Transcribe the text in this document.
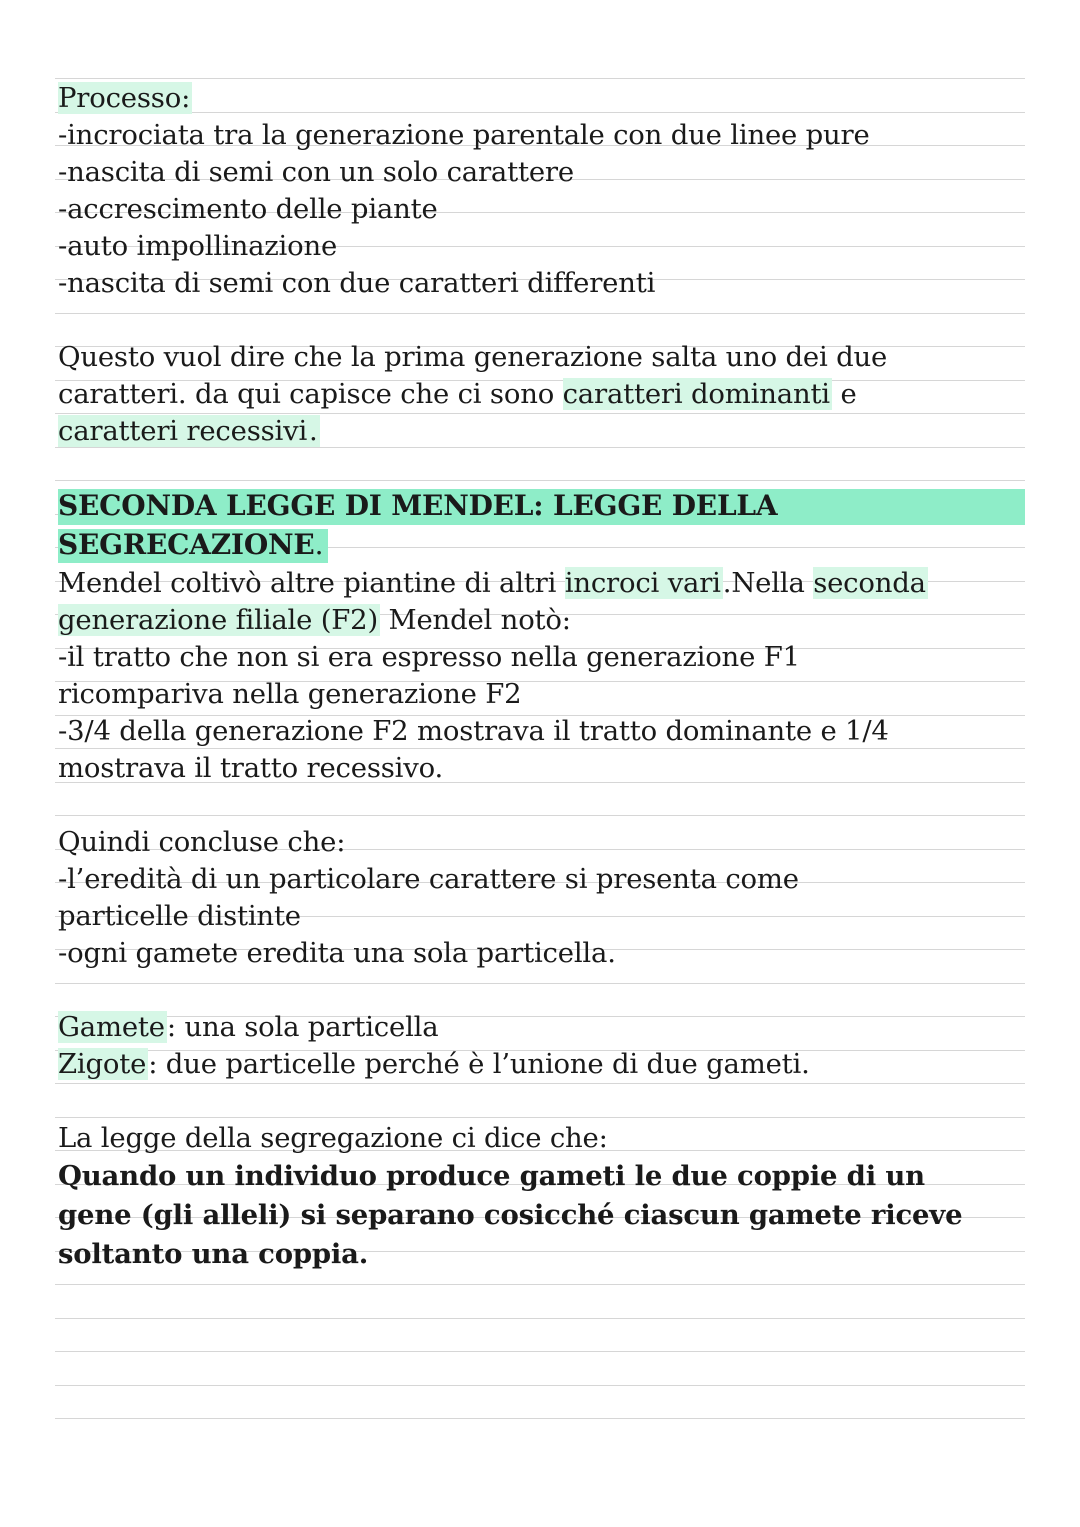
Processo:
-incrociata tra la generazione parentale con due linee pure
-nascita di semi con un solo carattere
-accrescimento delle piante
-auto impollinazione
-nascita di semi con due caratteri differenti
Questo vuol dire che la prima generazione salta uno dei due
caratteri. da qui capisce che ci sono caratteri dominanti e
caratteri recessivi.
SECONDA LEGGE DI MENDEL: LEGGE DELLA
SEGRECAZIONE.
Mendel coltivò altre piantine di altri incroci vari.Nella seconda
generazione filiale (F2) Mendel notò:
-il tratto che non si era espresso nella generazione F1
ricompariva nella generazione F2
-3/4 della generazione F2 mostrava il tratto dominante e 1/4
mostrava il tratto recessivo.
Quindi concluse che:
-l’eredità di un particolare carattere si presenta come
particelle distinte
-ogni gamete eredita una sola particella.
Gamete: una sola particella
Zigote: due particelle perché è l’unione di due gameti.
La legge della segregazione ci dice che:
Quando un individuo produce gameti le due coppie di un
gene (gli alleli) si separano cosicché ciascun gamete riceve
soltanto una coppia.
